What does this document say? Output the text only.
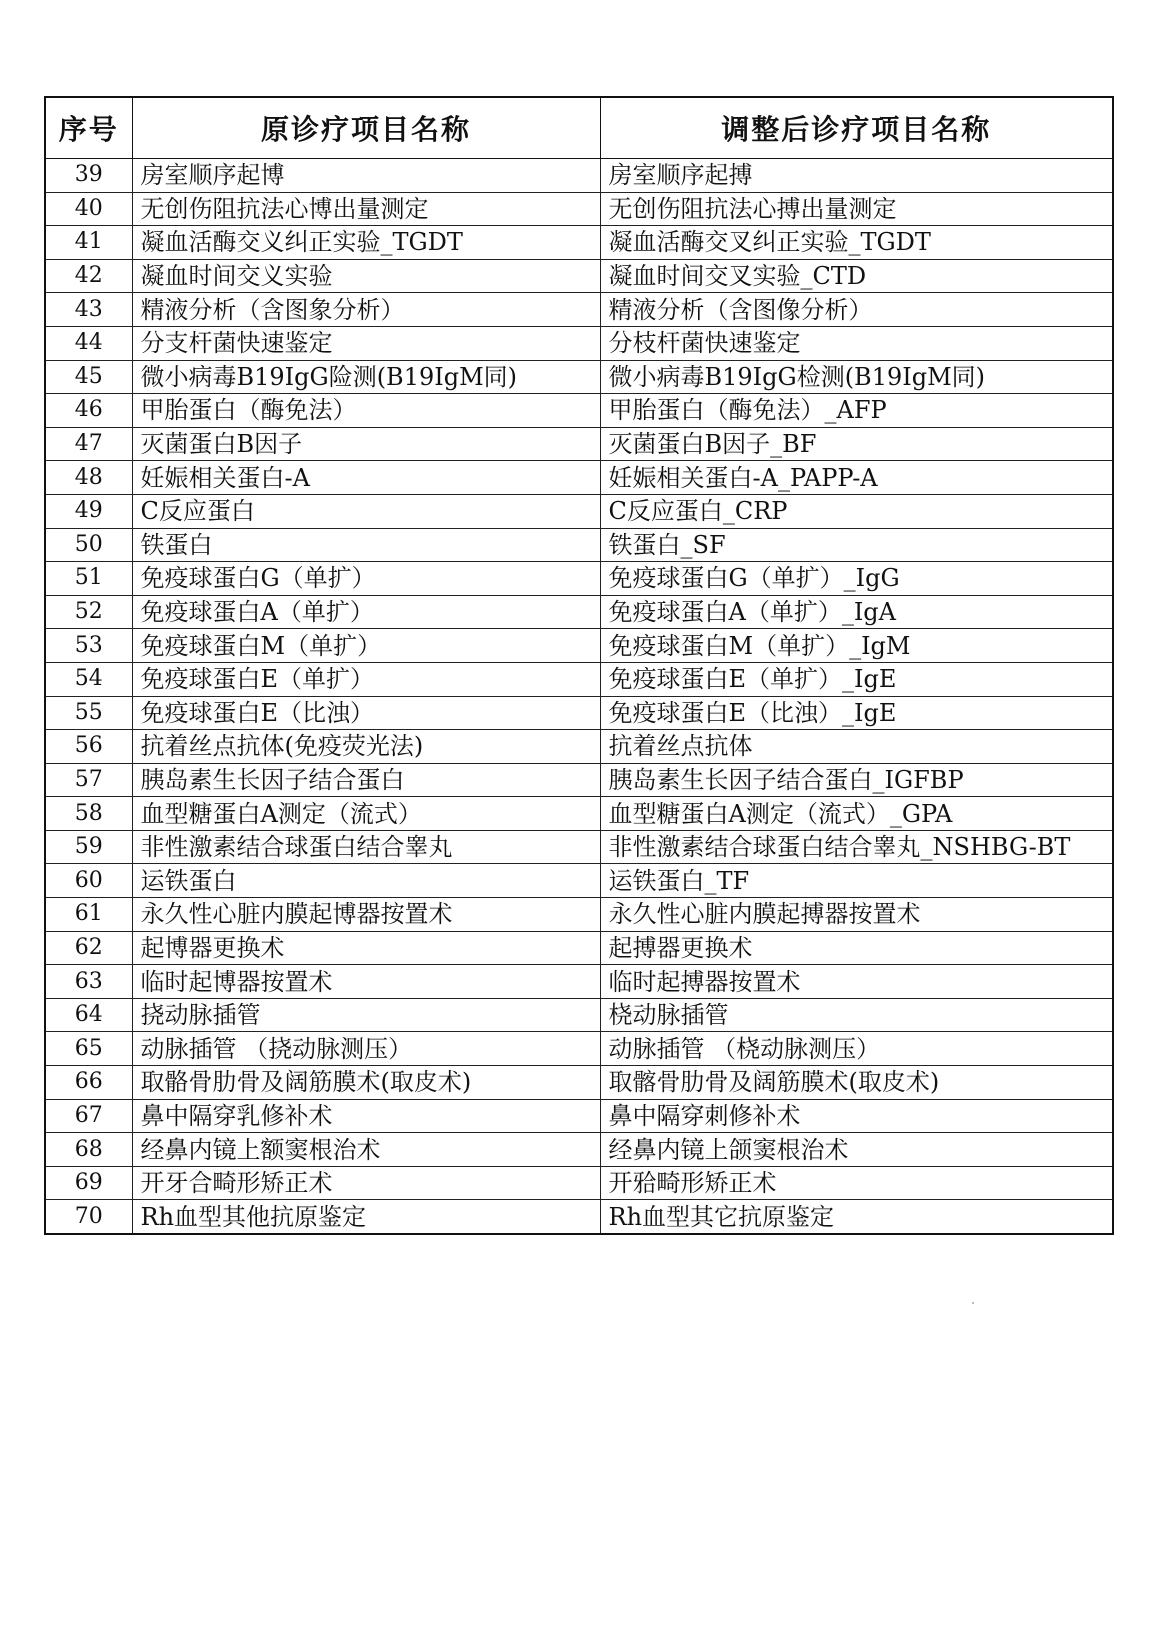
序号	原诊疗项目名称	调整后诊疗项目名称
39	房室顺序起博	房室顺序起搏
40	无创伤阻抗法心博出量测定	无创伤阻抗法心搏出量测定
41	凝血活酶交义纠正实验_TGDT	凝血活酶交叉纠正实验_TGDT
42	凝血时间交义实验	凝血时间交叉实验_CTD
43	精液分析（含图象分析）	精液分析（含图像分析）
44	分支杆菌快速鉴定	分枝杆菌快速鉴定
45	微小病毒B19IgG险测(B19IgM同)	微小病毒B19IgG检测(B19IgM同)
46	甲胎蛋白（酶免法）	甲胎蛋白（酶免法）_AFP
47	灭菌蛋白B因子	灭菌蛋白B因子_BF
48	妊娠相关蛋白-A	妊娠相关蛋白-A_PAPP-A
49	C反应蛋白	C反应蛋白_CRP
50	铁蛋白	铁蛋白_SF
51	免疫球蛋白G（单扩）	免疫球蛋白G（单扩）_IgG
52	免疫球蛋白A（单扩）	免疫球蛋白A（单扩）_IgA
53	免疫球蛋白M（单扩）	免疫球蛋白M（单扩）_IgM
54	免疫球蛋白E（单扩）	免疫球蛋白E（单扩）_IgE
55	免疫球蛋白E（比浊）	免疫球蛋白E（比浊）_IgE
56	抗着丝点抗体(免疫荧光法)	抗着丝点抗体
57	胰岛素生长因子结合蛋白	胰岛素生长因子结合蛋白_IGFBP
58	血型糖蛋白A测定（流式）	血型糖蛋白A测定（流式）_GPA
59	非性激素结合球蛋白结合睾丸	非性激素结合球蛋白结合睾丸_NSHBG-BT
60	运铁蛋白	运铁蛋白_TF
61	永久性心脏内膜起博器按置术	永久性心脏内膜起搏器按置术
62	起博器更换术	起搏器更换术
63	临时起博器按置术	临时起搏器按置术
64	挠动脉插管	桡动脉插管
65	动脉插管 （挠动脉测压）	动脉插管 （桡动脉测压）
66	取骼骨肋骨及阔筋膜术(取皮术)	取髂骨肋骨及阔筋膜术(取皮术)
67	鼻中隔穿乳修补术	鼻中隔穿刺修补术
68	经鼻内镜上额窦根治术	经鼻内镜上颌窦根治术
69	开牙合畸形矫正术	开𬌗畸形矫正术
70	Rh血型其他抗原鉴定	Rh血型其它抗原鉴定
